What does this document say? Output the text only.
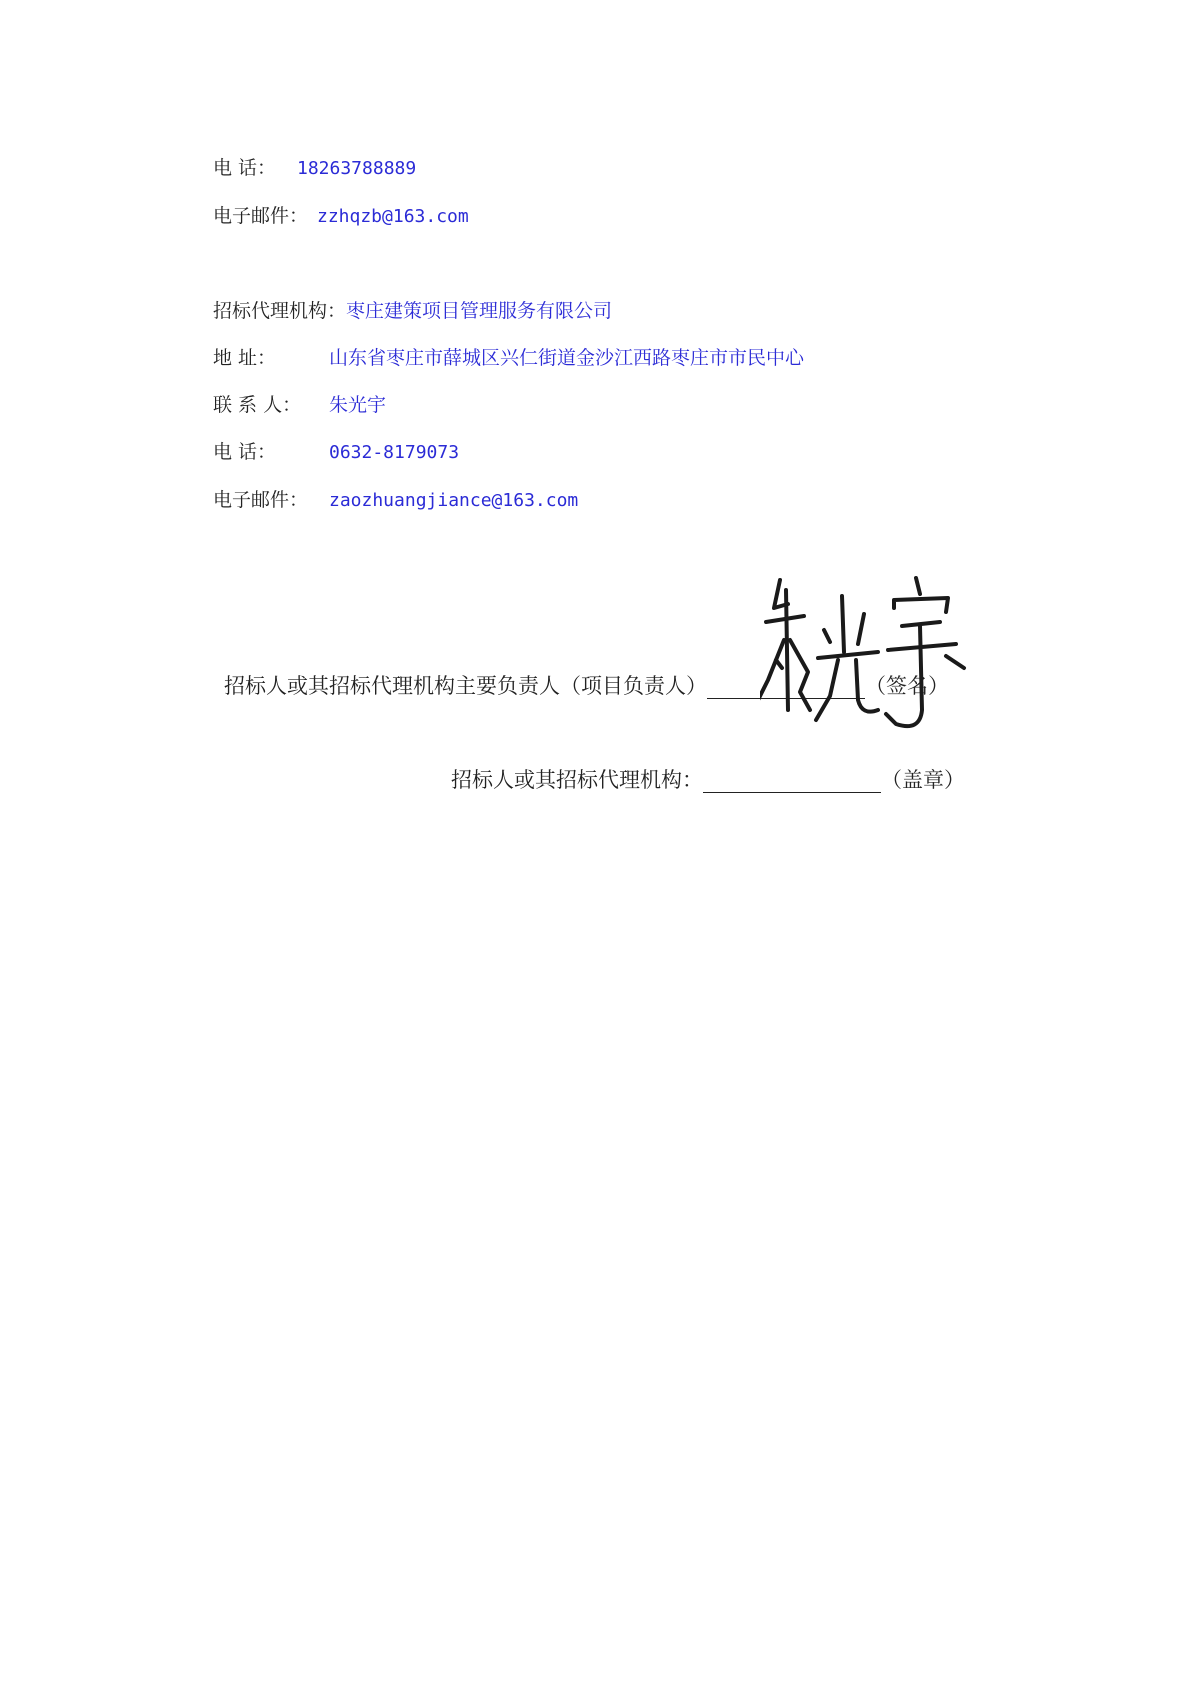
电 话： 18263788889
电子邮件： zzhqzb@163.com
招标代理机构：枣庄建策项目管理服务有限公司
地 址：	山东省枣庄市薛城区兴仁街道金沙江西路枣庄市市民中心
联 系 人： 朱光宇
电 话：	0632-8179073
电子邮件： zaozhuangjiance@163.com
招标人或其招标代理机构主要负责人（项目负责人）	（签名）
招标人或其招标代理机构：	（盖章）
